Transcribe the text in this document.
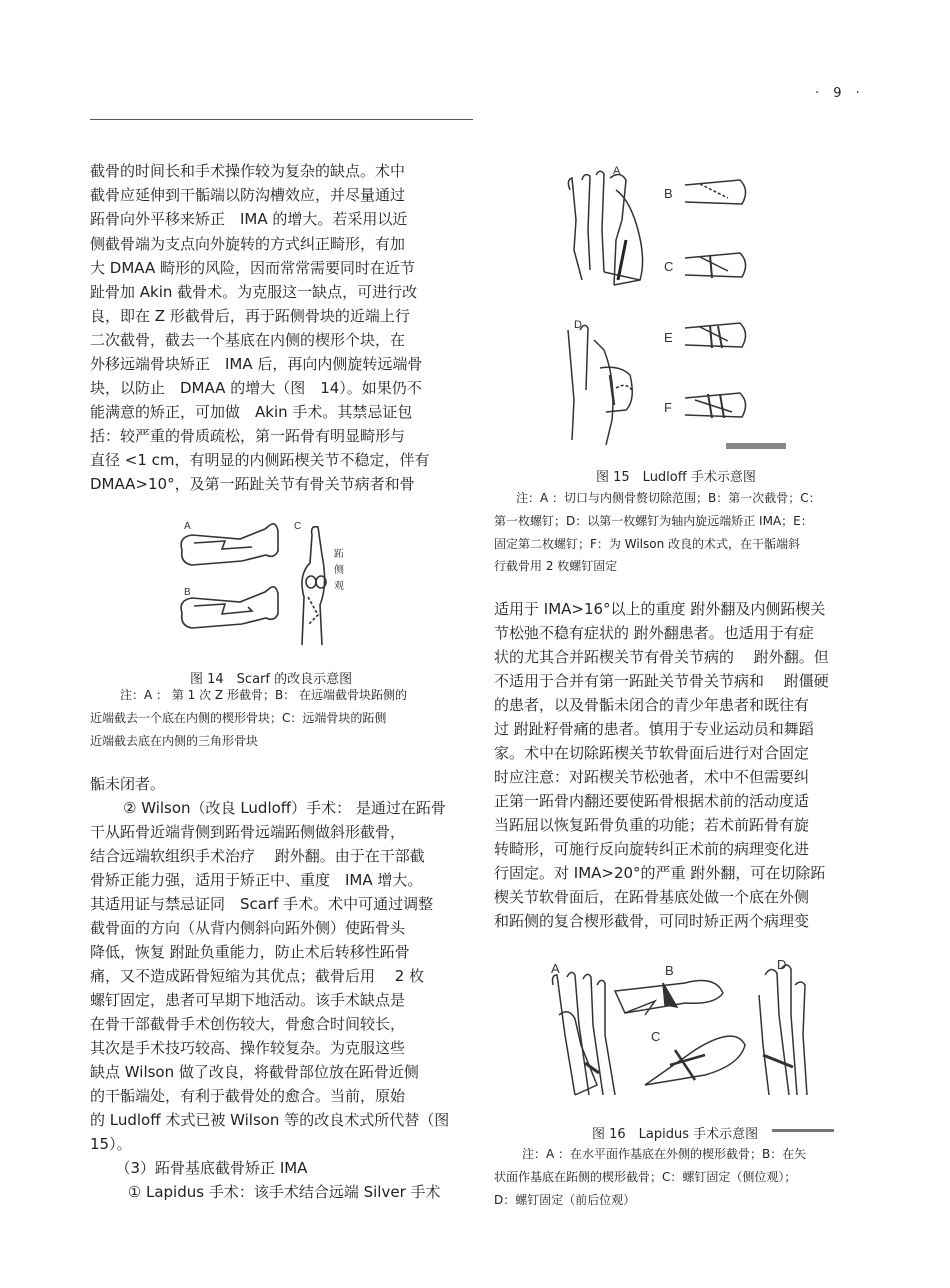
· 9 ·
截骨的时间长和手术操作较为复杂的缺点。术中
截骨应延伸到干骺端以防沟槽效应，并尽量通过
跖骨向外平移来矫正　IMA 的增大。若采用以近
侧截骨端为支点向外旋转的方式纠正畸形，有加
大 DMAA 畸形的风险，因而常常需要同时在近节
趾骨加 Akin 截骨术。为克服这一缺点，可进行改
良，即在 Z 形截骨后，再于跖侧骨块的近端上行
二次截骨，截去一个基底在内侧的楔形个块，在
外移远端骨块矫正　IMA 后，再向内侧旋转远端骨
块，以防止　DMAA 的增大（图　14）。如果仍不
能满意的矫正，可加做　Akin 手术。其禁忌证包
括：较严重的骨质疏松，第一跖骨有明显畸形与
直径 <1 cm，有明显的内侧跖楔关节不稳定，伴有
DMAA>10°，及第一跖趾关节有骨关节病者和骨
A
B
C
跖
侧
观
图 14　Scarf 的改良示意图
注：A ： 第 1 次 Z 形截骨；B： 在远端截骨块跖侧的
近端截去一个底在内侧的楔形骨块；C：远端骨块的跖侧
近端截去底在内侧的三角形骨块
骺未闭者。
　② Wilson（改良 Ludloff）手术： 是通过在跖骨
干从跖骨近端背侧到跖骨远端跖侧做斜形截骨，
结合远端软组织手术治疗　 跗外翻。由于在干部截
骨矫正能力强，适用于矫正中、重度　IMA 增大。
其适用证与禁忌证同　Scarf 手术。术中可通过调整
截骨面的方向（从背内侧斜向跖外侧）使跖骨头
降低，恢复 跗趾负重能力，防止术后转移性跖骨
痛，又不造成跖骨短缩为其优点；截骨后用　 2 枚
螺钉固定，患者可早期下地活动。该手术缺点是
在骨干部截骨手术创伤较大，骨愈合时间较长，
其次是手术技巧较高、操作较复杂。为克服这些
缺点 Wilson 做了改良，将截骨部位放在跖骨近侧
的干骺端处，有利于截骨处的愈合。当前，原始
的 Ludloff 术式已被 Wilson 等的改良术式所代替（图
15）。
　（3）跖骨基底截骨矫正 IMA
　 ① Lapidus 手术：该手术结合远端 Silver 手术
A
B
C
D
E
F
图 15　Ludloff 手术示意图
注：A ：切口与内侧骨赘切除范围；B：第一次截骨；C：
第一枚螺钉；D：以第一枚螺钉为轴内旋远端矫正 IMA；E：
固定第二枚螺钉；F：为 Wilson 改良的术式，在干骺端斜
行截骨用 2 枚螺钉固定
适用于 IMA>16°以上的重度 跗外翻及内侧跖楔关
节松弛不稳有症状的 跗外翻患者。也适用于有症
状的尤其合并跖楔关节有骨关节病的　 跗外翻。但
不适用于合并有第一跖趾关节骨关节病和　 跗僵硬
的患者，以及骨骺未闭合的青少年患者和既往有
过 跗趾籽骨痛的患者。慎用于专业运动员和舞蹈
家。术中在切除跖楔关节软骨面后进行对合固定
时应注意：对跖楔关节松弛者，术中不但需要纠
正第一跖骨内翻还要使跖骨根据术前的活动度适
当跖屈以恢复跖骨负重的功能；若术前跖骨有旋
转畸形，可施行反向旋转纠正术前的病理变化进
行固定。对 IMA>20°的严重 跗外翻，可在切除跖
楔关节软骨面后，在跖骨基底处做一个底在外侧
和跖侧的复合楔形截骨，可同时矫正两个病理变
A	B
C
D
图 16　Lapidus 手术示意图
注：A ：在水平面作基底在外侧的楔形截骨；B：在矢
状面作基底在跖侧的楔形截骨；C：螺钉固定（侧位观）；
D：螺钉固定（前后位观）
